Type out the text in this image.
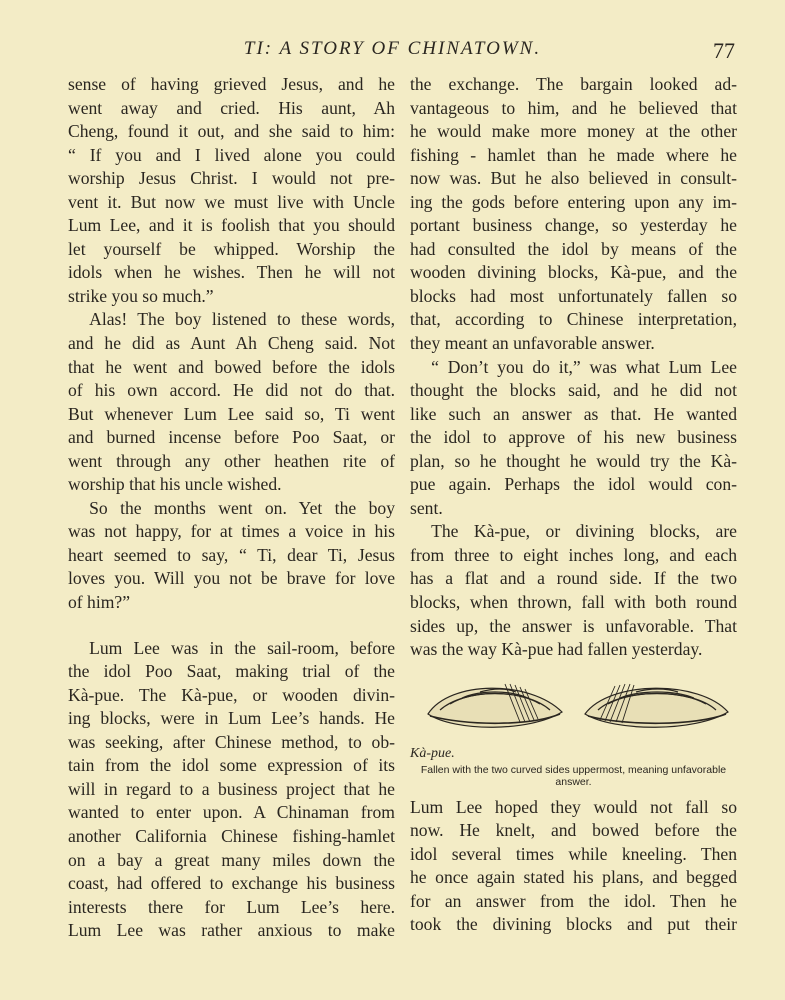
TI: A STORY OF CHINATOWN.	77

sense of having grieved Jesus, and he

went away and cried. His aunt, Ah

Cheng, found it out, and she said to him:

“ If you and I lived alone you could

worship Jesus Christ. I would not pre-

vent it. But now we must live with Uncle

Lum Lee, and it is foolish that you should

let yourself be whipped. Worship the

idols when he wishes. Then he will not

strike you so much.”

Alas! The boy listened to these words,

and he did as Aunt Ah Cheng said. Not

that he went and bowed before the idols

of his own accord. He did not do that.

But whenever Lum Lee said so, Ti went

and burned incense before Poo Saat, or

went through any other heathen rite of

worship that his uncle wished.

So the months went on. Yet the boy

was not happy, for at times a voice in his

heart seemed to say, “ Ti, dear Ti, Jesus

loves you. Will you not be brave for love

of him?”

Lum Lee was in the sail-room, before

the idol Poo Saat, making trial of the

Kà-pue. The Kà-pue, or wooden divin-

ing blocks, were in Lum Lee’s hands. He

was seeking, after Chinese method, to ob-

tain from the idol some expression of its

will in regard to a business project that he

wanted to enter upon. A Chinaman from

another California Chinese fishing-hamlet

on a bay a great many miles down the

coast, had offered to exchange his business

interests there for Lum Lee’s here.

Lum Lee was rather anxious to make

the exchange. The bargain looked ad-

vantageous to him, and he believed that

he would make more money at the other

fishing - hamlet than he made where he

now was. But he also believed in consult-

ing the gods before entering upon any im-

portant business change, so yesterday he

had consulted the idol by means of the

wooden divining blocks, Kà-pue, and the

blocks had most unfortunately fallen so

that, according to Chinese interpretation,

they meant an unfavorable answer.

“ Don’t you do it,” was what Lum Lee

thought the blocks said, and he did not

like such an answer as that. He wanted

the idol to approve of his new business

plan, so he thought he would try the Kà-

pue again. Perhaps the idol would con-

sent.

The Kà-pue, or divining blocks, are

from three to eight inches long, and each

has a flat and a round side. If the two

blocks, when thrown, fall with both round

sides up, the answer is unfavorable. That

was the way Kà-pue had fallen yesterday.

Kà-pue.
Fallen with the two curved sides uppermost, meaning unfavorable answer.

Lum Lee hoped they would not fall so

now. He knelt, and bowed before the

idol several times while kneeling. Then

he once again stated his plans, and begged

for an answer from the idol. Then he

took the divining blocks and put their
